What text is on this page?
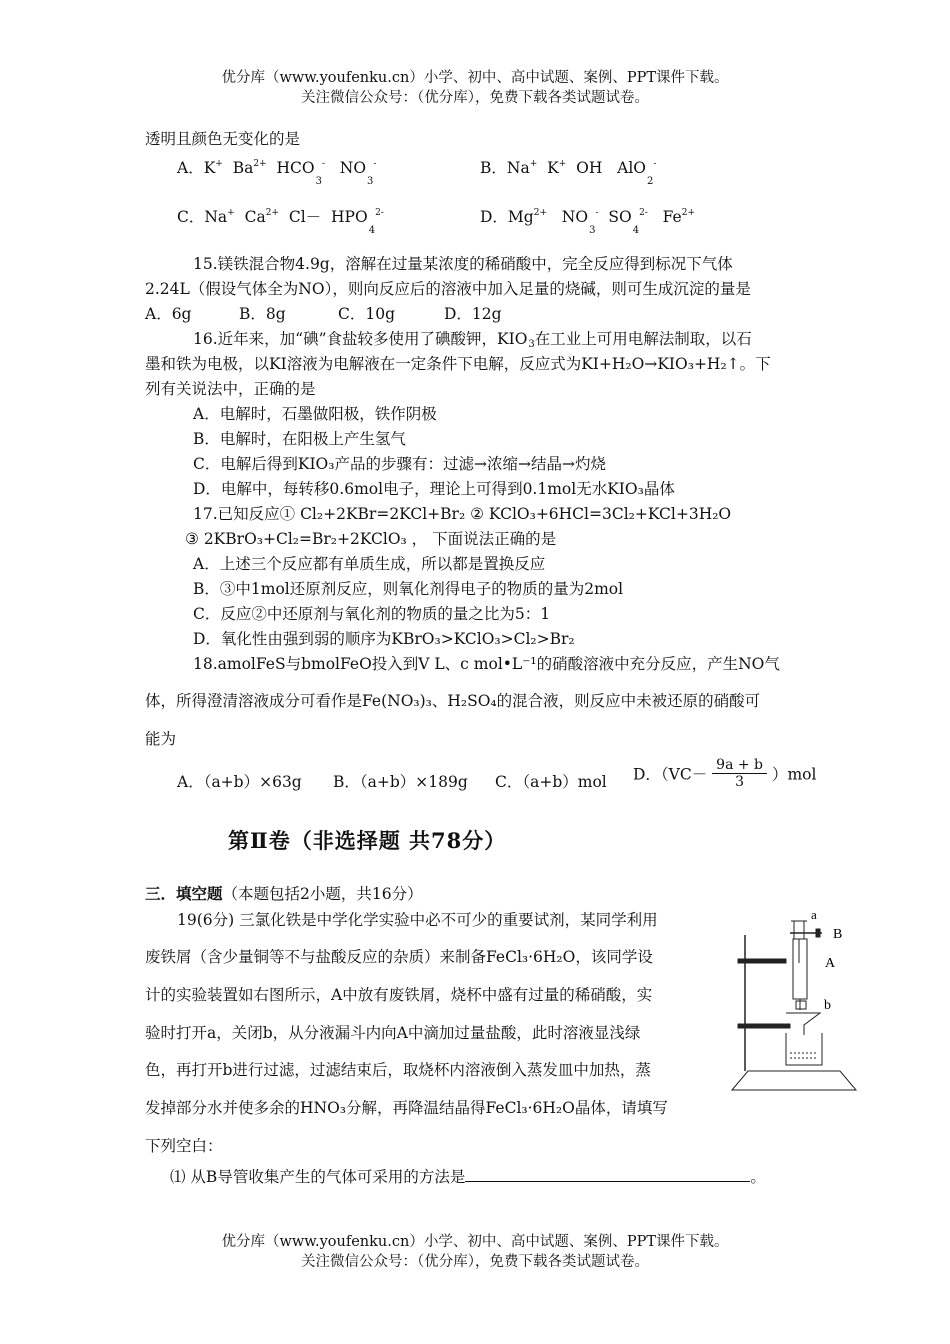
优分库（www.youfenku.cn）小学、初中、高中试题、案例、PPT课件下载。
关注微信公众号：（优分库），免费下载各类试题试卷。
透明且颜色无变化的是
A．K+ $Ba^{2+}$ $HCO_3^-$ $NO_3^-$	B．Na+ K+ OH AlO$_2$-
C．Na+ $Ca^{2+}$ $Cl- HPO_4^{2-}$	D．$Mg^{2+}$ $NO_3^-$ $SO_4^{2-}$ $Fe^{2+}$
15.镁铁混合物4.9g，溶解在过量某浓度的稀硝酸中，完全反应得到标况下气体
2.24L（假设气体全为NO），则向反应后的溶液中加入足量的烧碱，则可生成沉淀的量是
A．6g	B．8g	C．10g	D．12g
16.近年来，加“碘”食盐较多使用了碘酸钾，KIO3在工业上可用电解法制取，以石
墨和铁为电极，以KI溶液为电解液在一定条件下电解，反应式为KI+H₂O→KIO₃+H₂↑。下
列有关说法中，正确的是
A．电解时，石墨做阳极，铁作阴极
B．电解时，在阳极上产生氢气
C．电解后得到KIO₃产品的步骤有：过滤→浓缩→结晶→灼烧
D．电解中，每转移0.6mol电子，理论上可得到0.1mol无水KIO₃晶体
17.已知反应① Cl₂+2KBr=2KCl+Br₂ ② KClO₃+6HCl=3Cl₂+KCl+3H₂O
③ 2KBrO₃+Cl₂=Br₂+2KClO₃ ， 下面说法正确的是
A．上述三个反应都有单质生成，所以都是置换反应
B．③中1mol还原剂反应，则氧化剂得电子的物质的量为2mol
C．反应②中还原剂与氧化剂的物质的量之比为5：1
D．氧化性由强到弱的顺序为KBrO₃>KClO₃>Cl₂>Br₂
18.amolFeS与bmolFeO投入到V L、c mol•L⁻¹的硝酸溶液中充分反应，产生NO气
体，所得澄清溶液成分可看作是Fe(NO₃)₃、H₂SO₄的混合液，则反应中未被还原的硝酸可
能为
A．（a+b）×63g B．（a+b）×189g C．（a+b）mol D．$(VC- \frac{9a + b}{3} )mol$
第Ⅱ卷（非选择题 共78分）
三．填空题（本题包括2小题，共16分）
19(6分) 三氯化铁是中学化学实验中必不可少的重要试剂，某同学利用
废铁屑（含少量铜等不与盐酸反应的杂质）来制备FeCl₃·6H₂O，该同学设
计的实验装置如右图所示，A中放有废铁屑，烧杯中盛有过量的稀硝酸，实
验时打开a，关闭b，从分液漏斗内向A中滴加过量盐酸，此时溶液显浅绿
色，再打开b进行过滤，过滤结束后，取烧杯内溶液倒入蒸发皿中加热，蒸
发掉部分水并使多余的HNO₃分解，再降温结晶得FeCl₃·6H₂O晶体，请填写
下列空白：
⑴ 从B导管收集产生的气体可采用的方法是	。
a
B
A
b
优分库（www.youfenku.cn）小学、初中、高中试题、案例、PPT课件下载。
关注微信公众号：（优分库），免费下载各类试题试卷。
